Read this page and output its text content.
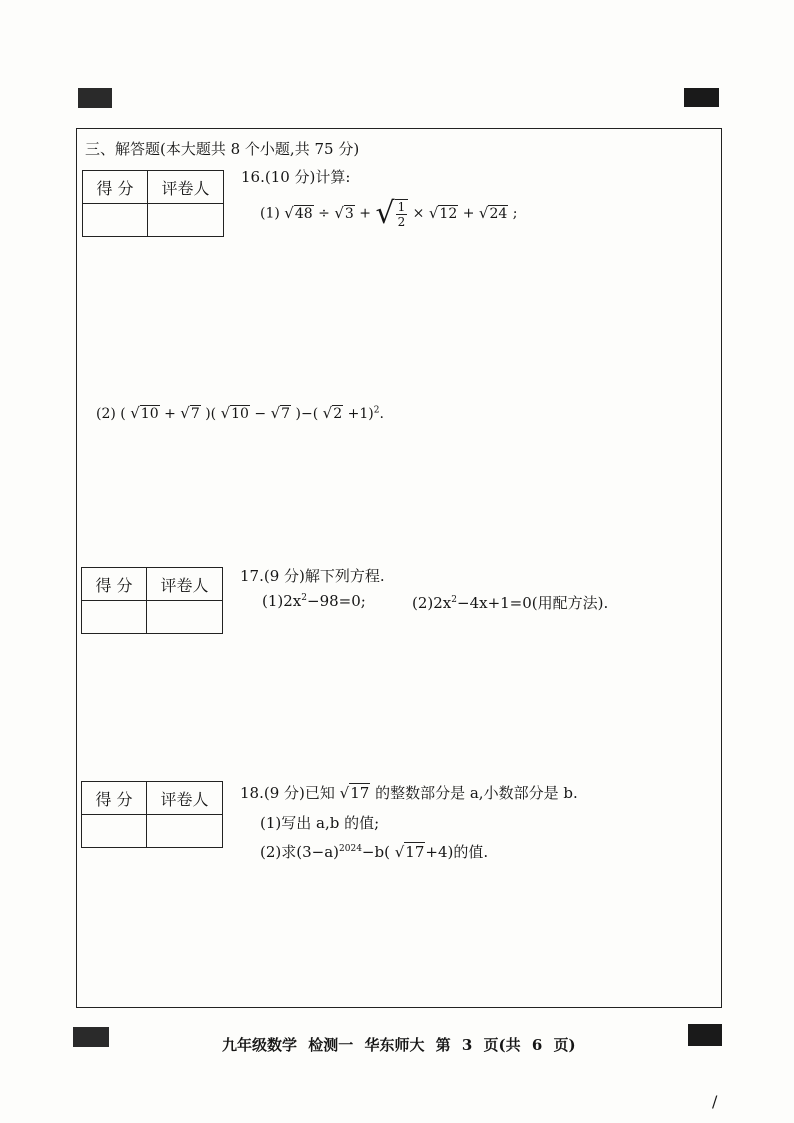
三、解答题(本大题共 8 个小题,共 75 分)
得 分	评卷人

得 分	评卷人

得 分	评卷人

16.(10 分)计算:
(1) √48 ÷ √3 + √ $\frac{1}{2} \times √12 + √24$ ;
(2) ( √10 + √7 )( √10 − √7 )−( √2 +1)$^2$.
17.(9 分)解下列方程.
$(1)2x^2-98=0$;	$(2)2x^2-4x+1=0$(用配方法).
18.(9 分)已知 √17 的整数部分是 a,小数部分是 b.
(1)写出 a,b 的值;
(2)求$(3-a)^{2024}-b$( √17+4)的值.
九年级数学 检测一 华东师大 第 3 页(共 6 页)
/
